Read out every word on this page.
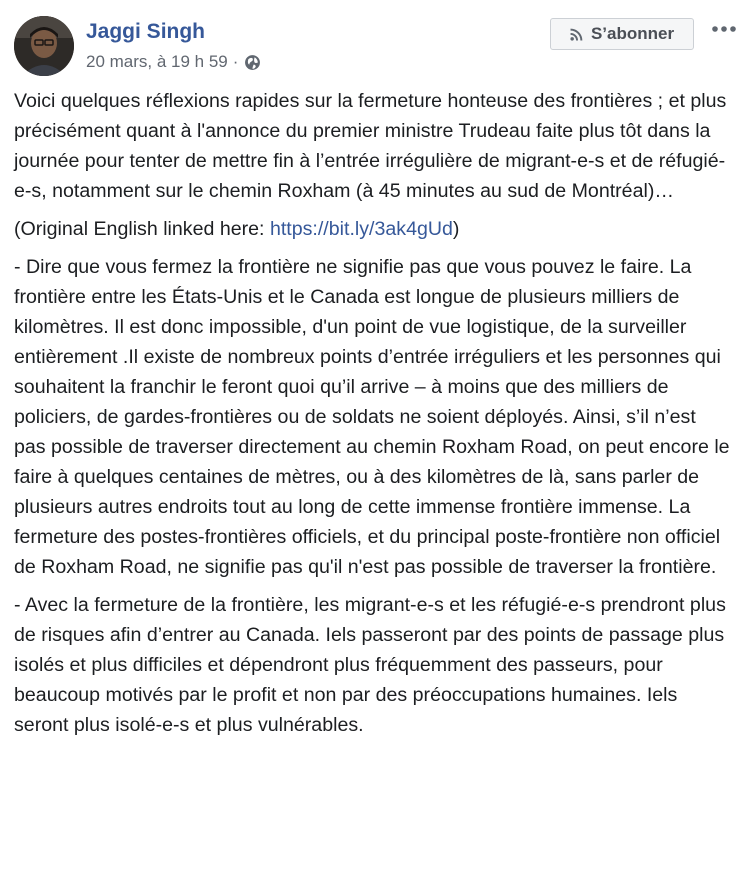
Jaggi Singh
20 mars, à 19 h 59 ·
S’abonner

Voici quelques réflexions rapides sur la fermeture honteuse des frontières ; et plus précisément quant à l'annonce du premier ministre Trudeau faite plus tôt dans la journée pour tenter de mettre fin à l’entrée irrégulière de migrant-e-s et de réfugié-e-s, notamment sur le chemin Roxham (à 45 minutes au sud de Montréal)…

(Original English linked here: https://bit.ly/3ak4gUd)

- Dire que vous fermez la frontière ne signifie pas que vous pouvez le faire. La frontière entre les États-Unis et le Canada est longue de plusieurs milliers de kilomètres. Il est donc impossible, d'un point de vue logistique, de la surveiller entièrement .Il existe de nombreux points d’entrée irréguliers et les personnes qui souhaitent la franchir le feront quoi qu’il arrive – à moins que des milliers de policiers, de gardes-frontières ou de soldats ne soient déployés. Ainsi, s’il n’est pas possible de traverser directement au chemin Roxham Road, on peut encore le faire à quelques centaines de mètres, ou à des kilomètres de là, sans parler de plusieurs autres endroits tout au long de cette immense frontière immense. La fermeture des postes-frontières officiels, et du principal poste-frontière non officiel de Roxham Road, ne signifie pas qu'il n'est pas possible de traverser la frontière.

- Avec la fermeture de la frontière, les migrant-e-s et les réfugié-e-s prendront plus de risques afin d’entrer au Canada. Iels passeront par des points de passage plus isolés et plus difficiles et dépendront plus fréquemment des passeurs, pour beaucoup motivés par le profit et non par des préoccupations humaines. Iels seront plus isolé-e-s et plus vulnérables.
